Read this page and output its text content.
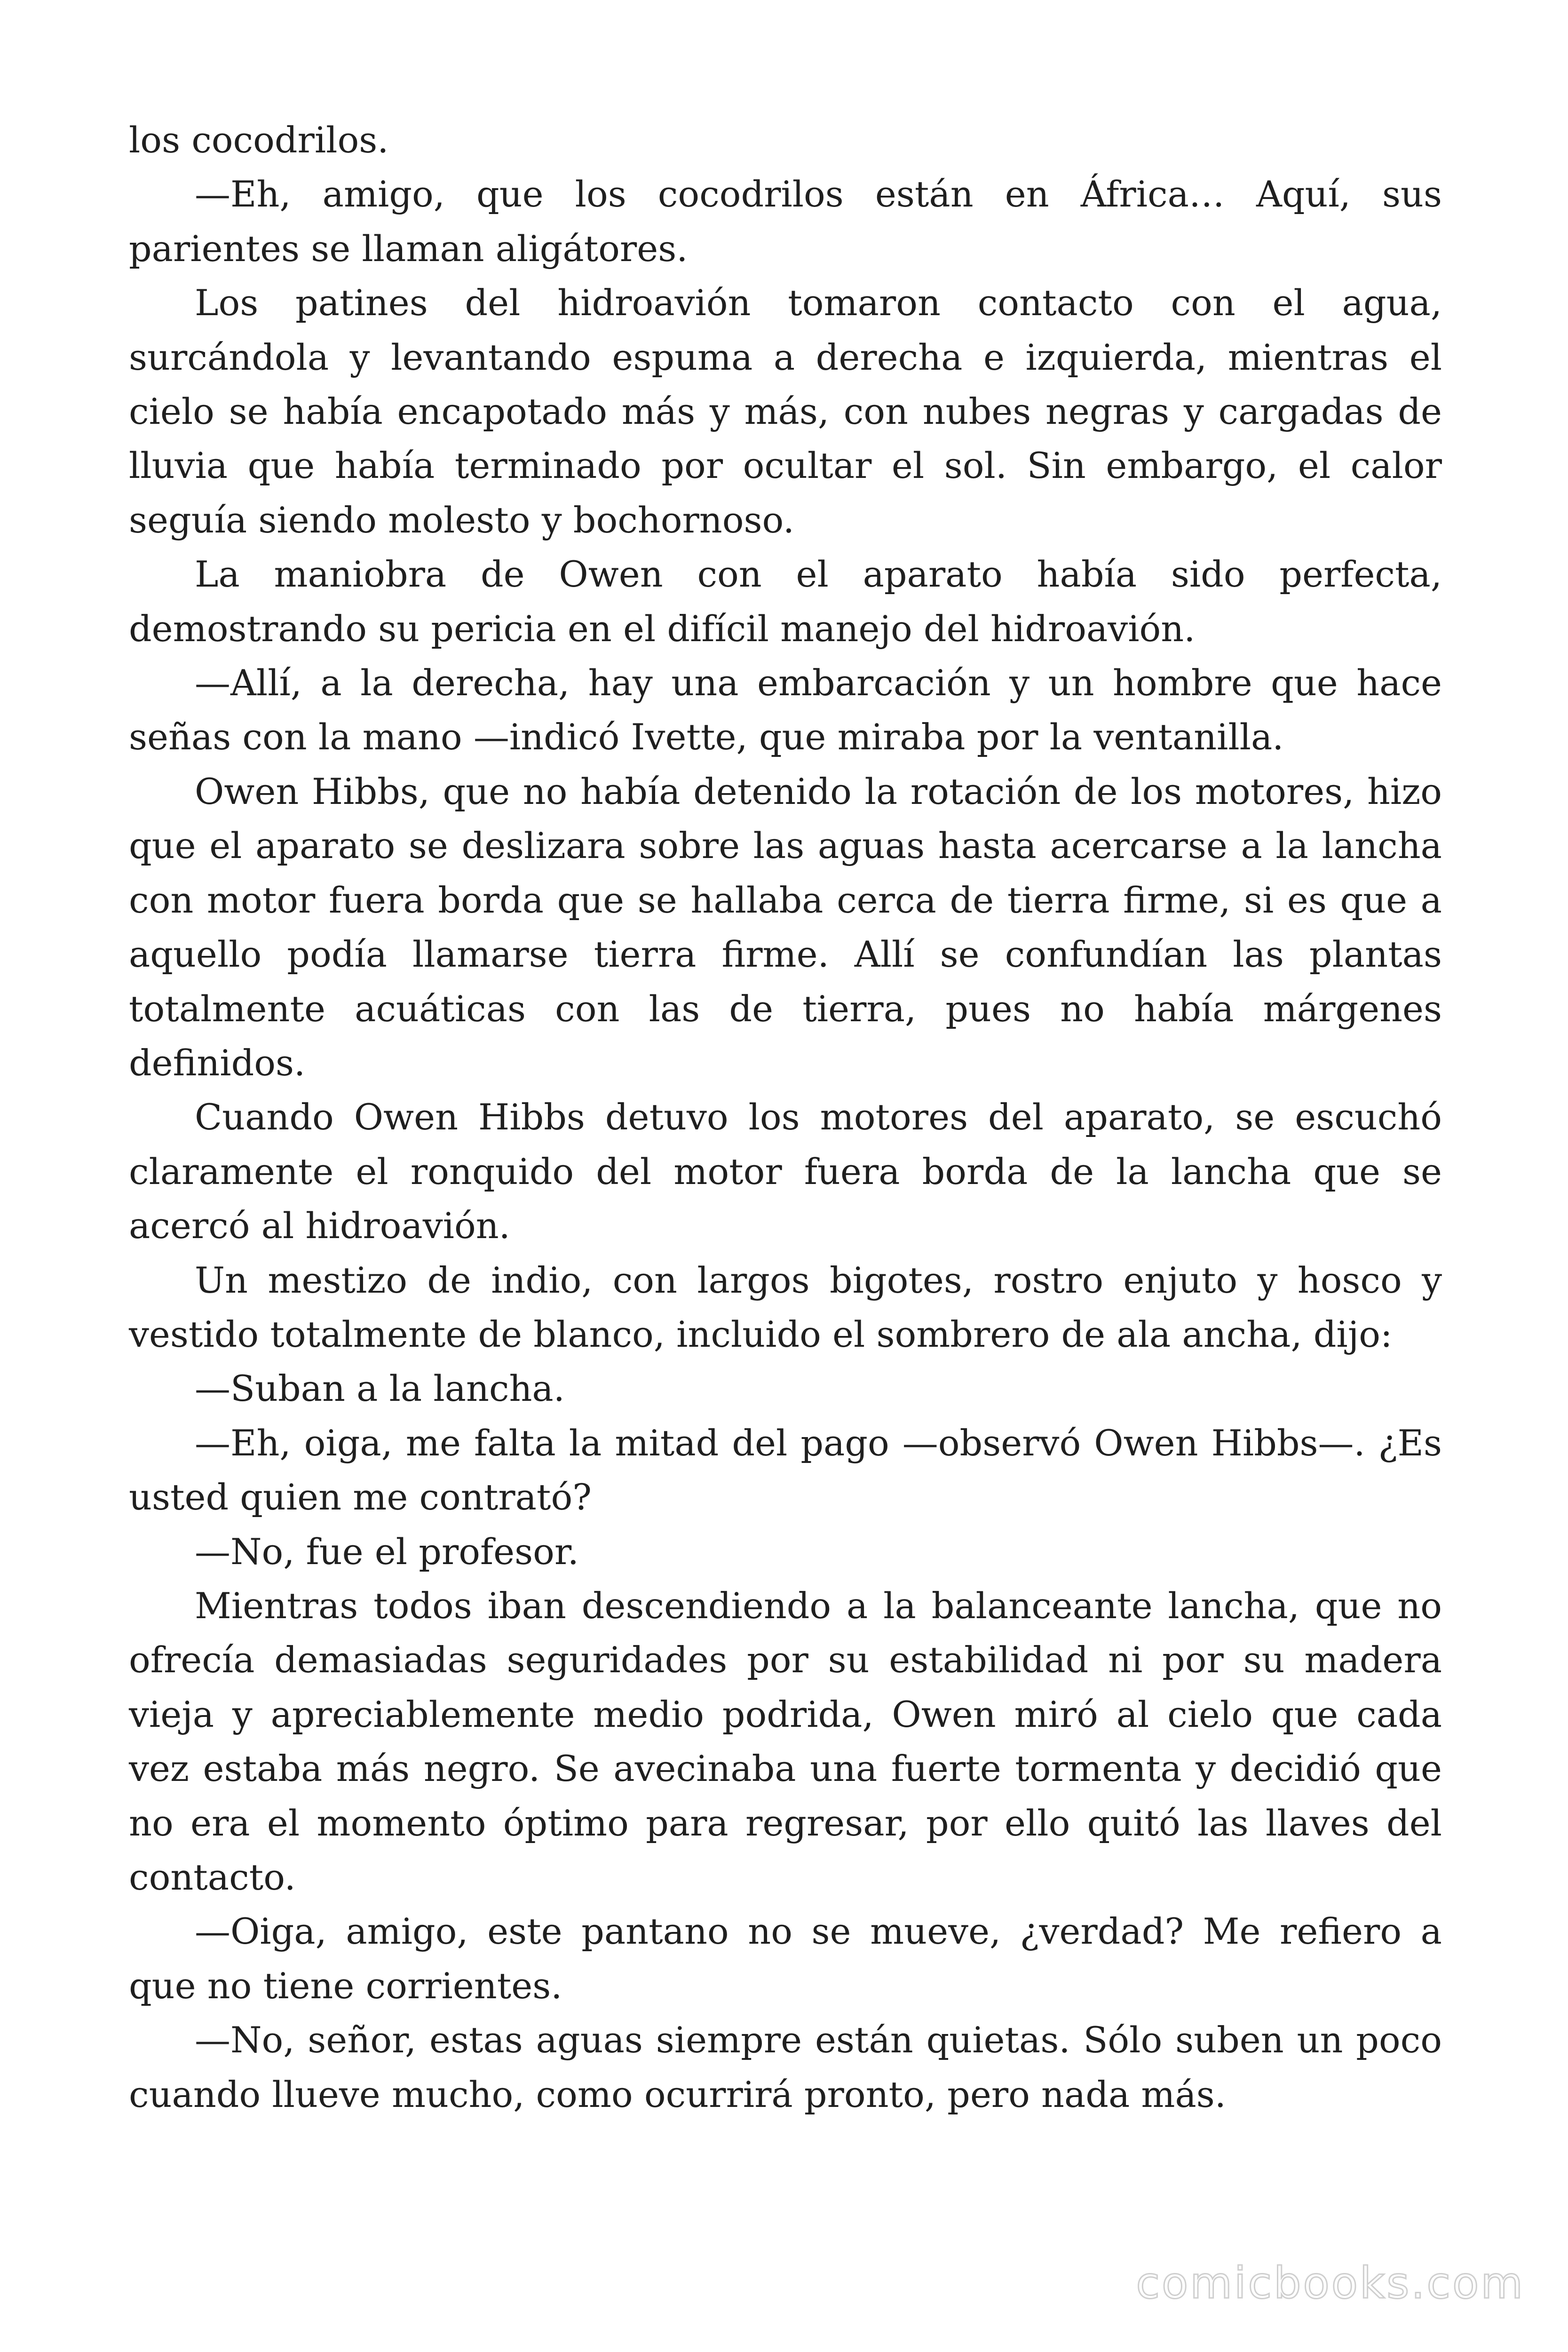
los cocodrilos.

—Eh, amigo, que los cocodrilos están en África… Aquí, sus parientes se llaman aligátores.

Los patines del hidroavión tomaron contacto con el agua, surcándola y levantando espuma a derecha e izquierda, mientras el cielo se había encapotado más y más, con nubes negras y cargadas de lluvia que había terminado por ocultar el sol. Sin embargo, el calor seguía siendo molesto y bochornoso.

La maniobra de Owen con el aparato había sido perfecta, demostrando su pericia en el difícil manejo del hidroavión.

—Allí, a la derecha, hay una embarcación y un hombre que hace señas con la mano —indicó Ivette, que miraba por la ventanilla.

Owen Hibbs, que no había detenido la rotación de los motores, hizo que el aparato se deslizara sobre las aguas hasta acercarse a la lancha con motor fuera borda que se hallaba cerca de tierra firme, si es que a aquello podía llamarse tierra firme. Allí se confundían las plantas totalmente acuáticas con las de tierra, pues no había márgenes definidos.

Cuando Owen Hibbs detuvo los motores del aparato, se escuchó claramente el ronquido del motor fuera borda de la lancha que se acercó al hidroavión.

Un mestizo de indio, con largos bigotes, rostro enjuto y hosco y vestido totalmente de blanco, incluido el sombrero de ala ancha, dijo:

—Suban a la lancha.

—Eh, oiga, me falta la mitad del pago —observó Owen Hibbs—. ¿Es usted quien me contrató?

—No, fue el profesor.

Mientras todos iban descendiendo a la balanceante lancha, que no ofrecía demasiadas seguridades por su estabilidad ni por su madera vieja y apreciablemente medio podrida, Owen miró al cielo que cada vez estaba más negro. Se avecinaba una fuerte tormenta y decidió que no era el momento óptimo para regresar, por ello quitó las llaves del contacto.

—Oiga, amigo, este pantano no se mueve, ¿verdad? Me refiero a que no tiene corrientes.

—No, señor, estas aguas siempre están quietas. Sólo suben un poco cuando llueve mucho, como ocurrirá pronto, pero nada más.

comicbooks.com
